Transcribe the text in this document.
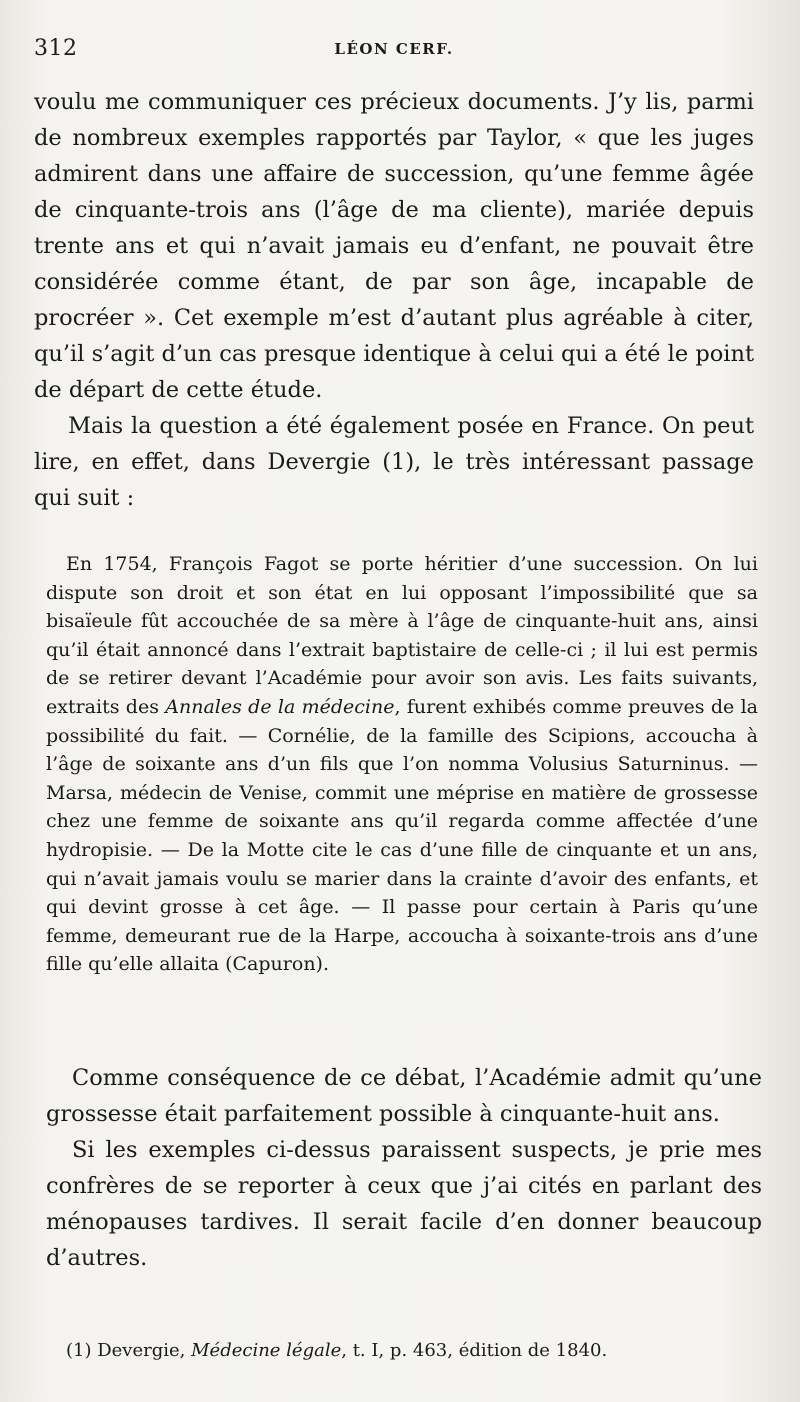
312	LÉON CERF.

voulu me communiquer ces précieux documents. J’y lis, parmi de nombreux exemples rapportés par Taylor, « que les juges admirent dans une affaire de succession, qu’une femme âgée de cinquante-trois ans (l’âge de ma cliente), mariée depuis trente ans et qui n’avait jamais eu d’enfant, ne pouvait être considérée comme étant, de par son âge, incapable de procréer ». Cet exemple m’est d’autant plus agréable à citer, qu’il s’agit d’un cas presque identique à celui qui a été le point de départ de cette étude.

Mais la question a été également posée en France. On peut lire, en effet, dans Devergie (1), le très intéressant passage qui suit :

En 1754, François Fagot se porte héritier d’une succession. On lui dispute son droit et son état en lui opposant l’impossibilité que sa bisaïeule fût accouchée de sa mère à l’âge de cinquante-huit ans, ainsi qu’il était annoncé dans l’extrait baptistaire de celle-ci ; il lui est permis de se retirer devant l’Académie pour avoir son avis. Les faits suivants, extraits des Annales de la médecine, furent exhibés comme preuves de la possibilité du fait. — Cornélie, de la famille des Scipions, accoucha à l’âge de soixante ans d’un fils que l’on nomma Volusius Saturninus. — Marsa, médecin de Venise, commit une méprise en matière de grossesse chez une femme de soixante ans qu’il regarda comme affectée d’une hydropisie. — De la Motte cite le cas d’une fille de cinquante et un ans, qui n’avait jamais voulu se marier dans la crainte d’avoir des enfants, et qui devint grosse à cet âge. — Il passe pour certain à Paris qu’une femme, demeurant rue de la Harpe, accoucha à soixante-trois ans d’une fille qu’elle allaita (Capuron).

Comme conséquence de ce débat, l’Académie admit qu’une grossesse était parfaitement possible à cinquante-huit ans.

Si les exemples ci-dessus paraissent suspects, je prie mes confrères de se reporter à ceux que j’ai cités en parlant des ménopauses tardives. Il serait facile d’en donner beaucoup d’autres.

(1) Devergie, Médecine légale, t. I, p. 463, édition de 1840.
